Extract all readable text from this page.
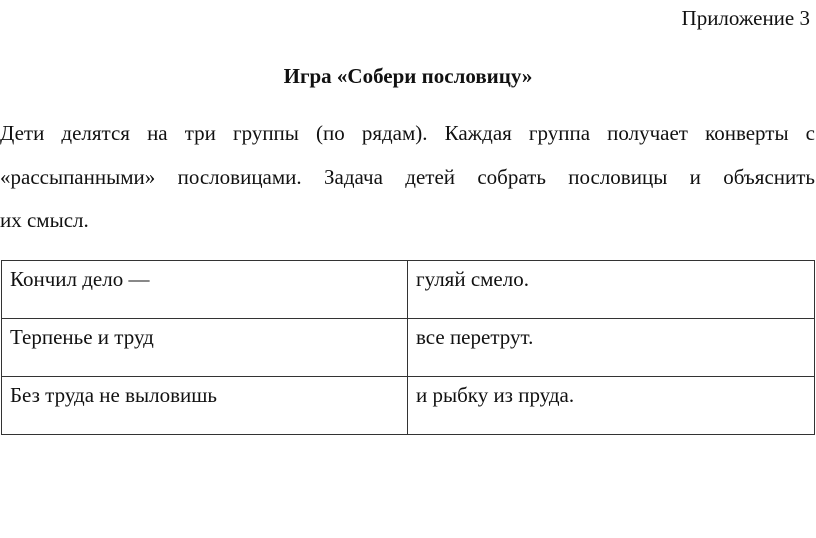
Приложение 3
Игра «Собери пословицу»
Дети делятся на три группы (по рядам). Каждая группа получает конверты с
«рассыпанными» пословицами. Задача детей собрать пословицы и объяснить
их смысл.
Кончил дело —	гуляй смело.
Терпенье и труд	все перетрут.
Без труда не выловишь	и рыбку из пруда.
